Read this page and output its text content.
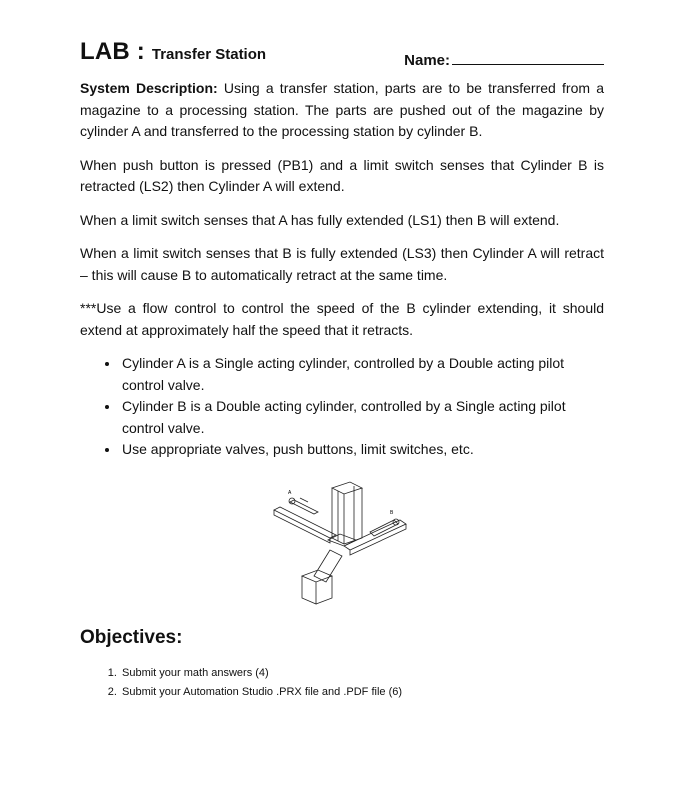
LAB : Transfer Station	Name:

System Description: Using a transfer station, parts are to be transferred from a magazine to a processing station. The parts are pushed out of the magazine by cylinder A and transferred to the processing station by cylinder B.

When push button is pressed (PB1) and a limit switch senses that Cylinder B is retracted (LS2) then Cylinder A will extend.

When a limit switch senses that A has fully extended (LS1) then B will extend.

When a limit switch senses that B is fully extended (LS3) then Cylinder A will retract – this will cause B to automatically retract at the same time.

***Use a flow control to control the speed of the B cylinder extending, it should extend at approximately half the speed that it retracts.

• Cylinder A is a Single acting cylinder, controlled by a Double acting pilot control valve.
• Cylinder B is a Double acting cylinder, controlled by a Single acting pilot control valve.
• Use appropriate valves, push buttons, limit switches, etc.
A
B
Objectives:
1. Submit your math answers (4)
2. Submit your Automation Studio .PRX file and .PDF file (6)
